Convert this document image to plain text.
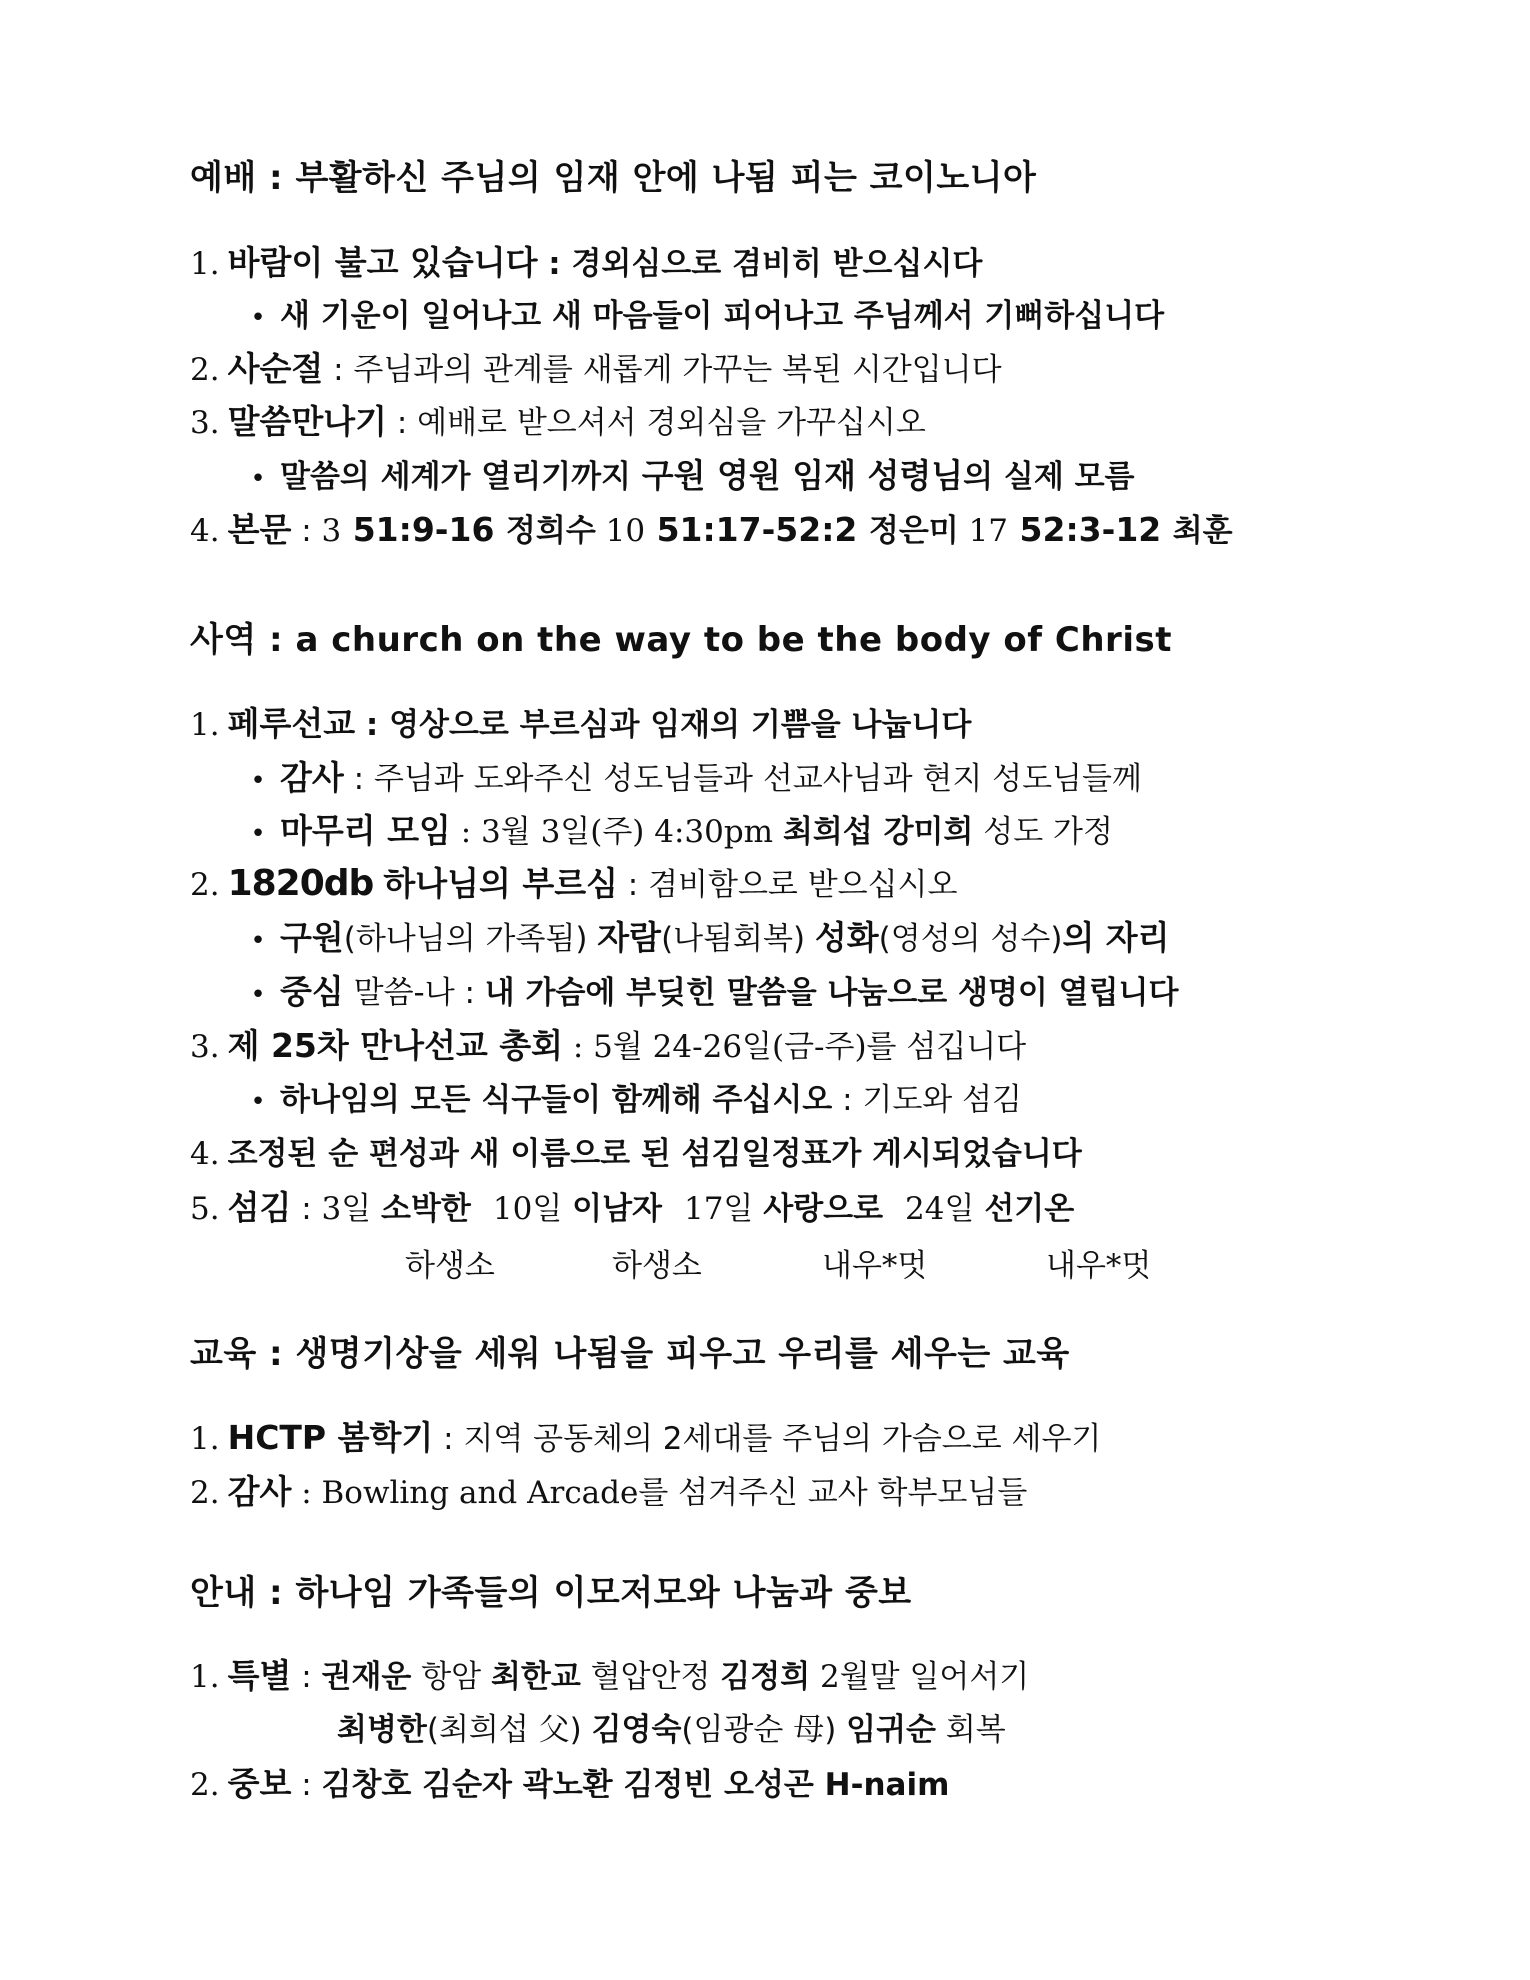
예배 : 부활하신 주님의 임재 안에 나됨 피는 코이노니아
1. 바람이 불고 있습니다 : 경외심으로 겸비히 받으십시다
• 새 기운이 일어나고 새 마음들이 피어나고 주님께서 기뻐하십니다
2. 사순절 : 주님과의 관계를 새롭게 가꾸는 복된 시간입니다
3. 말씀만나기 : 예배로 받으셔서 경외심을 가꾸십시오
• 말씀의 세계가 열리기까지 구원 영원 임재 성령님의 실제 모름
4. 본문 : 3 51:9-16 정희수 10 51:17-52:2 정은미 17 52:3-12 최훈
사역 : a church on the way to be the body of Christ
1. 페루선교 : 영상으로 부르심과 임재의 기쁨을 나눕니다
• 감사 : 주님과 도와주신 성도님들과 선교사님과 현지 성도님들께
• 마무리 모임 : 3월 3일(주) 4:30pm 최희섭 강미희 성도 가정
2. 1820db 하나님의 부르심 : 겸비함으로 받으십시오
• 구원(하나님의 가족됨) 자람(나됨회복) 성화(영성의 성수)의 자리
• 중심 말씀-나 : 내 가슴에 부딪힌 말씀을 나눔으로 생명이 열립니다
3. 제 25차 만나선교 총회 : 5월 24-26일(금-주)를 섬깁니다
• 하나임의 모든 식구들이 함께해 주십시오 : 기도와 섬김
4. 조정된 순 편성과 새 이름으로 된 섬김일정표가 게시되었습니다
5. 섬김 : 3일 소박한 10일 이남자 17일 사랑으로 24일 선기온
하생소	하생소	내우*멋	내우*멋
교육 : 생명기상을 세워 나됨을 피우고 우리를 세우는 교육
1. HCTP 봄학기 : 지역 공동체의 2세대를 주님의 가슴으로 세우기
2. 감사 : Bowling and Arcade를 섬겨주신 교사 학부모님들
안내 : 하나임 가족들의 이모저모와 나눔과 중보
1. 특별 : 권재운 항암 최한교 혈압안정 김정희 2월말 일어서기
최병한(최희섭 父) 김영숙(임광순 母) 임귀순 회복
2. 중보 : 김창호 김순자 곽노환 김정빈 오성곤 H-naim
